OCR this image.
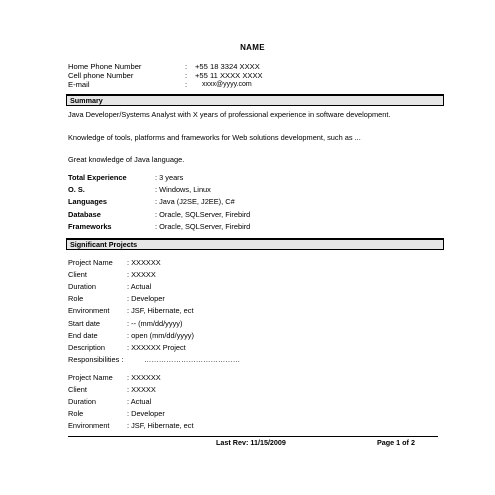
NAME
Home Phone Number	:	+55 18 3324 XXXX
Cell phone Number	:	+55 11 XXXX XXXX
E-mail	:	xxxx@yyyy.com
Summary
Java Developer/Systems Analyst with X years of professional experience in software development.
Knowledge of tools, platforms and frameworks for Web solutions development, such as ...
Great knowledge of Java language.
Total Experience	: 3 years
O. S.	: Windows, Linux
Languages	: Java (J2SE, J2EE), C#
Database	: Oracle, SQLServer, Firebird
Frameworks	: Oracle, SQLServer, Firebird
Significant Projects
Project Name	: XXXXXX
Client	: XXXXX
Duration	: Actual
Role	: Developer
Environment	: JSF, Hibernate, ect
Start date	: -- (mm/dd/yyyy)
End date	: open (mm/dd/yyyy)
Description	: XXXXXX Project
Responsibilities :	…………………………………
Project Name	: XXXXXX
Client	: XXXXX
Duration	: Actual
Role	: Developer
Environment	: JSF, Hibernate, ect
Last Rev: 11/15/2009	Page 1 of 2
